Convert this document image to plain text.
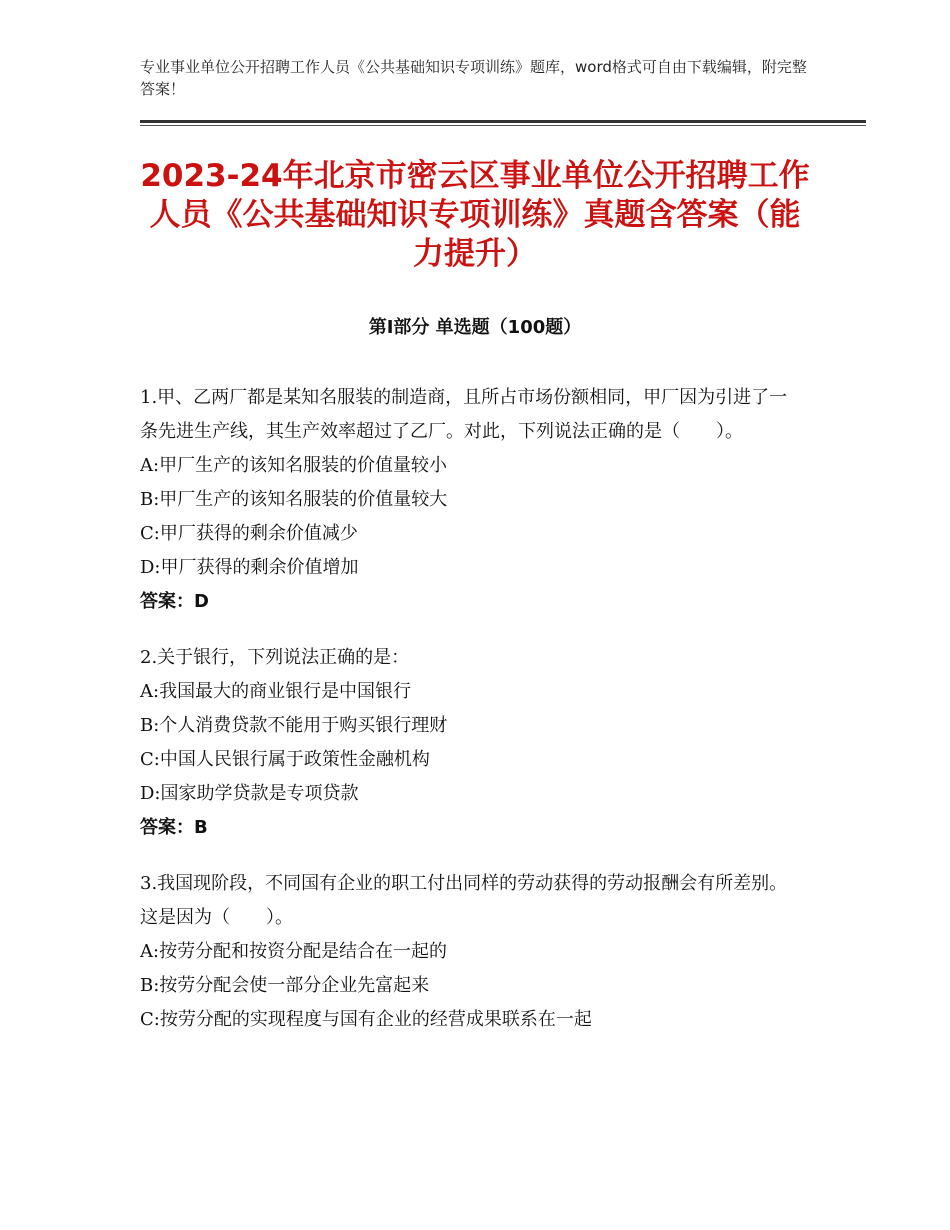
专业事业单位公开招聘工作人员《公共基础知识专项训练》题库，word格式可自由下载编辑，附完整答案！
2023-24年北京市密云区事业单位公开招聘工作人员《公共基础知识专项训练》真题含答案（能力提升）
第Ⅰ部分 单选题（100题）

1.甲、乙两厂都是某知名服装的制造商，且所占市场份额相同，甲厂因为引进了一条先进生产线，其生产效率超过了乙厂。对此，下列说法正确的是（　　）。

A:甲厂生产的该知名服装的价值量较小

B:甲厂生产的该知名服装的价值量较大

C:甲厂获得的剩余价值减少

D:甲厂获得的剩余价值增加

答案：D

2.关于银行，下列说法正确的是：

A:我国最大的商业银行是中国银行

B:个人消费贷款不能用于购买银行理财

C:中国人民银行属于政策性金融机构

D:国家助学贷款是专项贷款

答案：B

3.我国现阶段，不同国有企业的职工付出同样的劳动获得的劳动报酬会有所差别。这是因为（　　）。

A:按劳分配和按资分配是结合在一起的

B:按劳分配会使一部分企业先富起来

C:按劳分配的实现程度与国有企业的经营成果联系在一起
